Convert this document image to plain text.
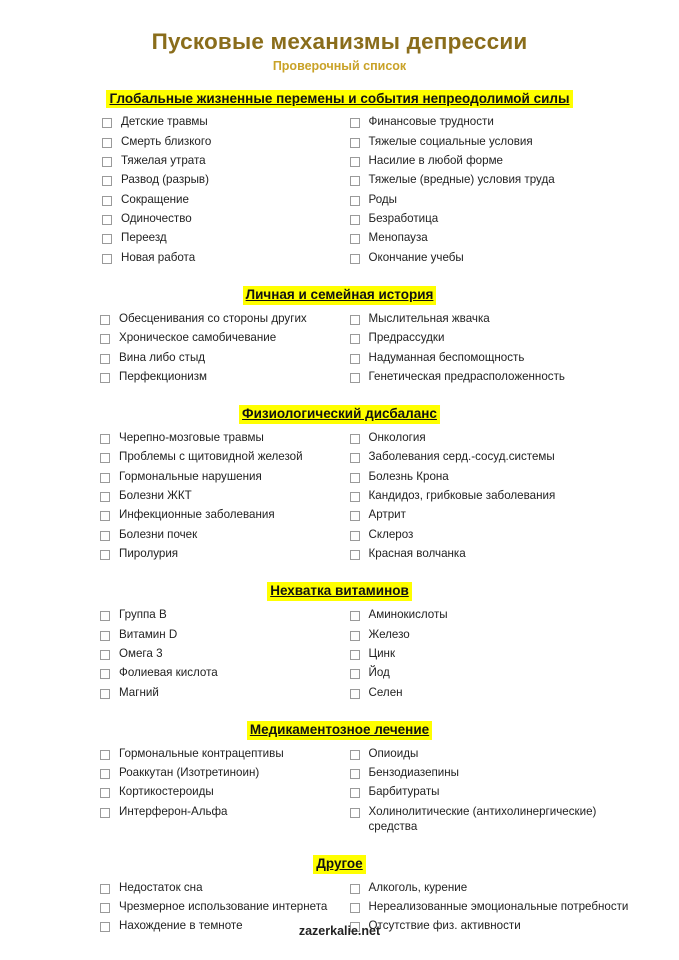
Пусковые механизмы депрессии
Проверочный список
Глобальные жизненные перемены и события непреодолимой силы
Детские травмы
Смерть близкого
Тяжелая утрата
Развод (разрыв)
Сокращение
Одиночество
Переезд
Новая работа
Финансовые трудности
Тяжелые социальные условия
Насилие в любой форме
Тяжелые (вредные) условия труда
Роды
Безработица
Менопауза
Окончание учебы
Личная и семейная история
Обесценивания со стороны других
Хроническое самобичевание
Вина либо стыд
Перфекционизм
Мыслительная жвачка
Предрассудки
Надуманная беспомощность
Генетическая предрасположенность
Физиологический дисбаланс
Черепно-мозговые травмы
Проблемы с щитовидной железой
Гормональные нарушения
Болезни ЖКТ
Инфекционные заболевания
Болезни почек
Пиролурия
Онкология
Заболевания серд.-сосуд.системы
Болезнь Крона
Кандидоз, грибковые заболевания
Артрит
Склероз
Красная волчанка
Нехватка витаминов
Группа B
Витамин D
Омега 3
Фолиевая кислота
Магний
Аминокислоты
Железо
Цинк
Йод
Селен
Медикаментозное лечение
Гормональные контрацептивы
Роаккутан (Изотретиноин)
Кортикостероиды
Интерферон-Альфа
Опиоиды
Бензодиазепины
Барбитураты
Холинолитические (антихолинергические) средства
Другое
Недостаток сна
Чрезмерное использование интернета
Нахождение в темноте
Алкоголь, курение
Нереализованные эмоциональные потребности
Отсутствие физ. активности
zazerkalie.net
